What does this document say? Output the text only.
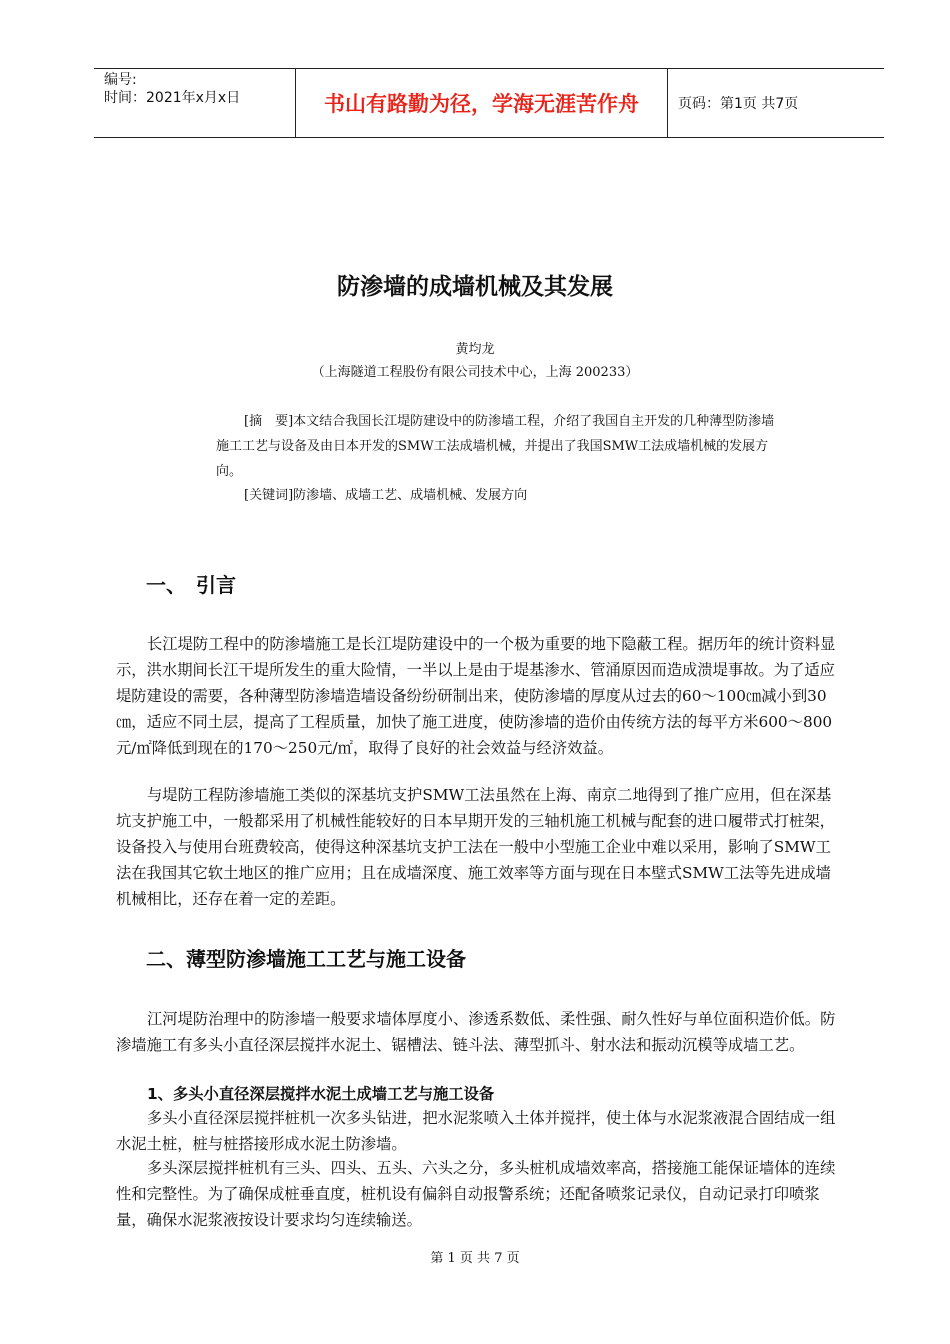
编号:
时间：2021年x月x日	书山有路勤为径，学海无涯苦作舟	页码：第1页 共7页
防渗墙的成墙机械及其发展
黄均龙
（上海隧道工程股份有限公司技术中心，上海 200233）
[摘　要]本文结合我国长江堤防建设中的防渗墙工程，介绍了我国自主开发的几种薄型防渗墙施工工艺与设备及由日本开发的SMW工法成墙机械，并提出了我国SMW工法成墙机械的发展方向。
[关键词]防渗墙、成墙工艺、成墙机械、发展方向
一、　引言
长江堤防工程中的防渗墙施工是长江堤防建设中的一个极为重要的地下隐蔽工程。据历年的统计资料显示，洪水期间长江干堤所发生的重大险情，一半以上是由于堤基渗水、管涌原因而造成溃堤事故。为了适应堤防建设的需要，各种薄型防渗墙造墙设备纷纷研制出来，使防渗墙的厚度从过去的60～100㎝减小到30㎝，适应不同土层，提高了工程质量，加快了施工进度，使防渗墙的造价由传统方法的每平方米600～800元/㎡降低到现在的170～250元/㎡，取得了良好的社会效益与经济效益。
与堤防工程防渗墙施工类似的深基坑支护SMW工法虽然在上海、南京二地得到了推广应用，但在深基坑支护施工中，一般都采用了机械性能较好的日本早期开发的三轴机施工机械与配套的进口履带式打桩架，设备投入与使用台班费较高，使得这种深基坑支护工法在一般中小型施工企业中难以采用，影响了SMW工法在我国其它软土地区的推广应用；且在成墙深度、施工效率等方面与现在日本壁式SMW工法等先进成墙机械相比，还存在着一定的差距。
二、薄型防渗墙施工工艺与施工设备
江河堤防治理中的防渗墙一般要求墙体厚度小、渗透系数低、柔性强、耐久性好与单位面积造价低。防渗墙施工有多头小直径深层搅拌水泥土、锯槽法、链斗法、薄型抓斗、射水法和振动沉模等成墙工艺。
1、多头小直径深层搅拌水泥土成墙工艺与施工设备
多头小直径深层搅拌桩机一次多头钻进，把水泥浆喷入土体并搅拌，使土体与水泥浆液混合固结成一组水泥土桩，桩与桩搭接形成水泥土防渗墙。
多头深层搅拌桩机有三头、四头、五头、六头之分，多头桩机成墙效率高，搭接施工能保证墙体的连续性和完整性。为了确保成桩垂直度，桩机设有偏斜自动报警系统；还配备喷浆记录仪，自动记录打印喷浆量，确保水泥浆液按设计要求均匀连续输送。
第 1 页 共 7 页
